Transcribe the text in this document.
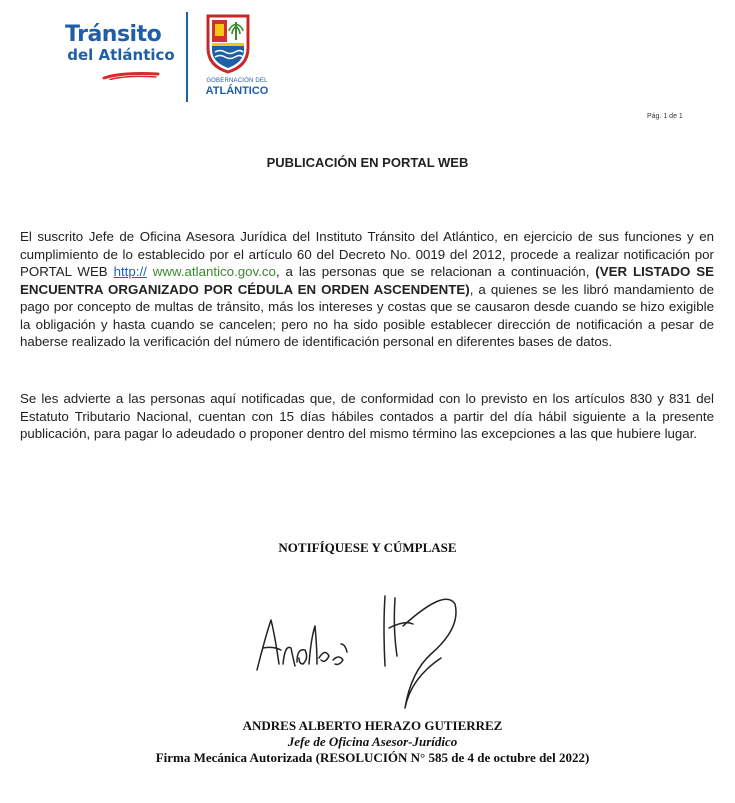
Tránsito
del Atlántico
GOBERNACIÓN DEL
ATLÁNTICO
Pág. 1 de 1
PUBLICACIÓN EN PORTAL WEB
El suscrito Jefe de Oficina Asesora Jurídica del Instituto Tránsito del Atlántico, en ejercicio de sus funciones y en cumplimiento de lo establecido por el artículo 60 del Decreto No. 0019 del 2012, procede a realizar notificación por PORTAL WEB http:// www.atlantico.gov.co, a las personas que se relacionan a continuación, (VER LISTADO SE ENCUENTRA ORGANIZADO POR CÉDULA EN ORDEN ASCENDENTE), a quienes se les libró mandamiento de pago por concepto de multas de tránsito, más los intereses y costas que se causaron desde cuando se hizo exigible la obligación y hasta cuando se cancelen; pero no ha sido posible establecer dirección de notificación a pesar de haberse realizado la verificación del número de identificación personal en diferentes bases de datos.
Se les advierte a las personas aquí notificadas que, de conformidad con lo previsto en los artículos 830 y 831 del Estatuto Tributario Nacional, cuentan con 15 días hábiles contados a partir del día hábil siguiente a la presente publicación, para pagar lo adeudado o proponer dentro del mismo término las excepciones a las que hubiere lugar.
NOTIFÍQUESE Y CÚMPLASE
ANDRES ALBERTO HERAZO GUTIERREZ
Jefe de Oficina Asesor-Jurídico
Firma Mecánica Autorizada (RESOLUCIÓN N° 585 de 4 de octubre del 2022)
